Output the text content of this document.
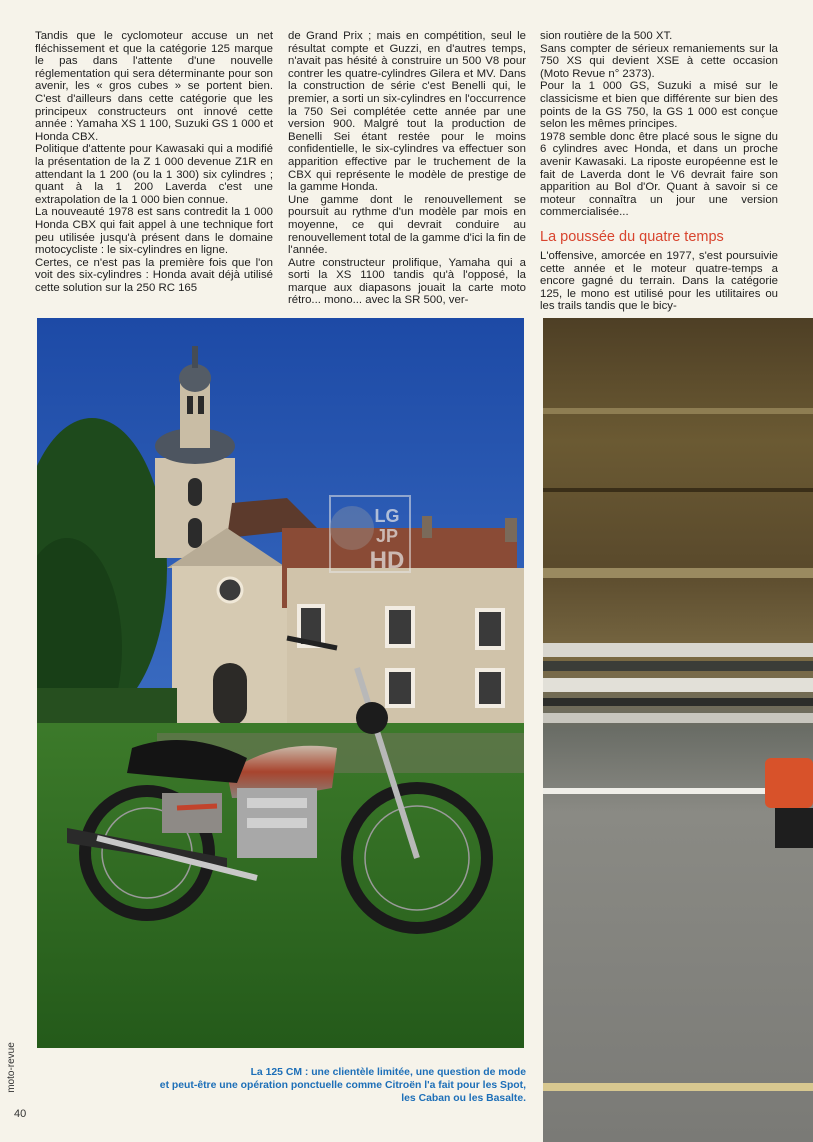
Tandis que le cyclomoteur accuse un net fléchissement et que la catégorie 125 marque le pas dans l'attente d'une nouvelle réglementation qui sera déterminante pour son avenir, les « gros cubes » se portent bien. C'est d'ailleurs dans cette catégorie que les principeux constructeurs ont innové cette année : Yamaha XS 1 100, Suzuki GS 1 000 et Honda CBX.

Politique d'attente pour Kawasaki qui a modifié la présentation de la Z 1 000 devenue Z1R en attendant la 1 200 (ou la 1 300) six cylindres ; quant à la 1 200 Laverda c'est une extrapolation de la 1 000 bien connue.

La nouveauté 1978 est sans contredit la 1 000 Honda CBX qui fait appel à une technique fort peu utilisée jusqu'à présent dans le domaine motocycliste : le six-cylindres en ligne.

Certes, ce n'est pas la première fois que l'on voit des six-cylindres : Honda avait déjà utilisé cette solution sur la 250 RC 165

de Grand Prix ; mais en compétition, seul le résultat compte et Guzzi, en d'autres temps, n'avait pas hésité à construire un 500 V8 pour contrer les quatre-cylindres Gilera et MV. Dans la construction de série c'est Benelli qui, le premier, a sorti un six-cylindres en l'occurrence la 750 Sei complétée cette année par une version 900. Malgré tout la production de Benelli Sei étant restée pour le moins confidentielle, le six-cylindres va effectuer son apparition effective par le truchement de la CBX qui représente le modèle de prestige de la gamme Honda.

Une gamme dont le renouvellement se poursuit au rythme d'un modèle par mois en moyenne, ce qui devrait conduire au renouvellement total de la gamme d'ici la fin de l'année.

Autre constructeur prolifique, Yamaha qui a sorti la XS 1100 tandis qu'à l'opposé, la marque aux diapasons jouait la carte moto rétro... mono... avec la SR 500, ver-

sion routière de la 500 XT.

Sans compter de sérieux remaniements sur la 750 XS qui devient XSE à cette occasion (Moto Revue n° 2373).

Pour la 1 000 GS, Suzuki a misé sur le classicisme et bien que différente sur bien des points de la GS 750, la GS 1 000 est conçue selon les mêmes principes.

1978 semble donc être placé sous le signe du 6 cylindres avec Honda, et dans un proche avenir Kawasaki. La riposte européenne est le fait de Laverda dont le V6 devrait faire son apparition au Bol d'Or. Quant à savoir si ce moteur connaîtra un jour une version commercialisée...

La poussée du quatre temps

L'offensive, amorcée en 1977, s'est poursuivie cette année et le moteur quatre-temps a encore gagné du terrain. Dans la catégorie 125, le mono est utilisé pour les utilitaires ou les trails tandis que le bicy-

LG
JP
HD
La 125 CM : une clientèle limitée, une question de mode
et peut-être une opération ponctuelle comme Citroën l'a fait pour les Spot,
les Caban ou les Basalte.
moto-revue
40
